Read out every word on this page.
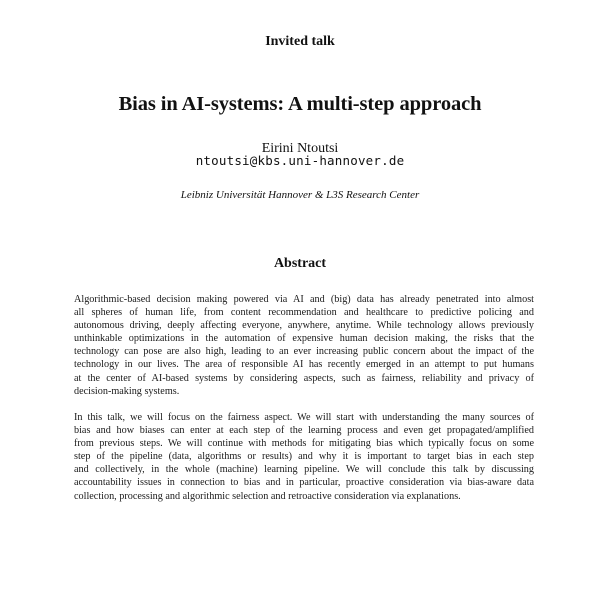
Invited talk
Bias in AI-systems: A multi-step approach
Eirini Ntoutsi
ntoutsi@kbs.uni-hannover.de
Leibniz Universität Hannover & L3S Research Center
Abstract
Algorithmic-based decision making powered via AI and (big) data has already penetrated into almost
all spheres of human life, from content recommendation and healthcare to predictive policing and
autonomous driving, deeply affecting everyone, anywhere, anytime. While technology allows previously
unthinkable optimizations in the automation of expensive human decision making, the risks that the
technology can pose are also high, leading to an ever increasing public concern about the impact of the
technology in our lives. The area of responsible AI has recently emerged in an attempt to put humans
at the center of AI-based systems by considering aspects, such as fairness, reliability and privacy of
decision-making systems.
In this talk, we will focus on the fairness aspect. We will start with understanding the many sources of
bias and how biases can enter at each step of the learning process and even get propagated/amplified
from previous steps. We will continue with methods for mitigating bias which typically focus on some
step of the pipeline (data, algorithms or results) and why it is important to target bias in each step
and collectively, in the whole (machine) learning pipeline. We will conclude this talk by discussing
accountability issues in connection to bias and in particular, proactive consideration via bias-aware data
collection, processing and algorithmic selection and retroactive consideration via explanations.
